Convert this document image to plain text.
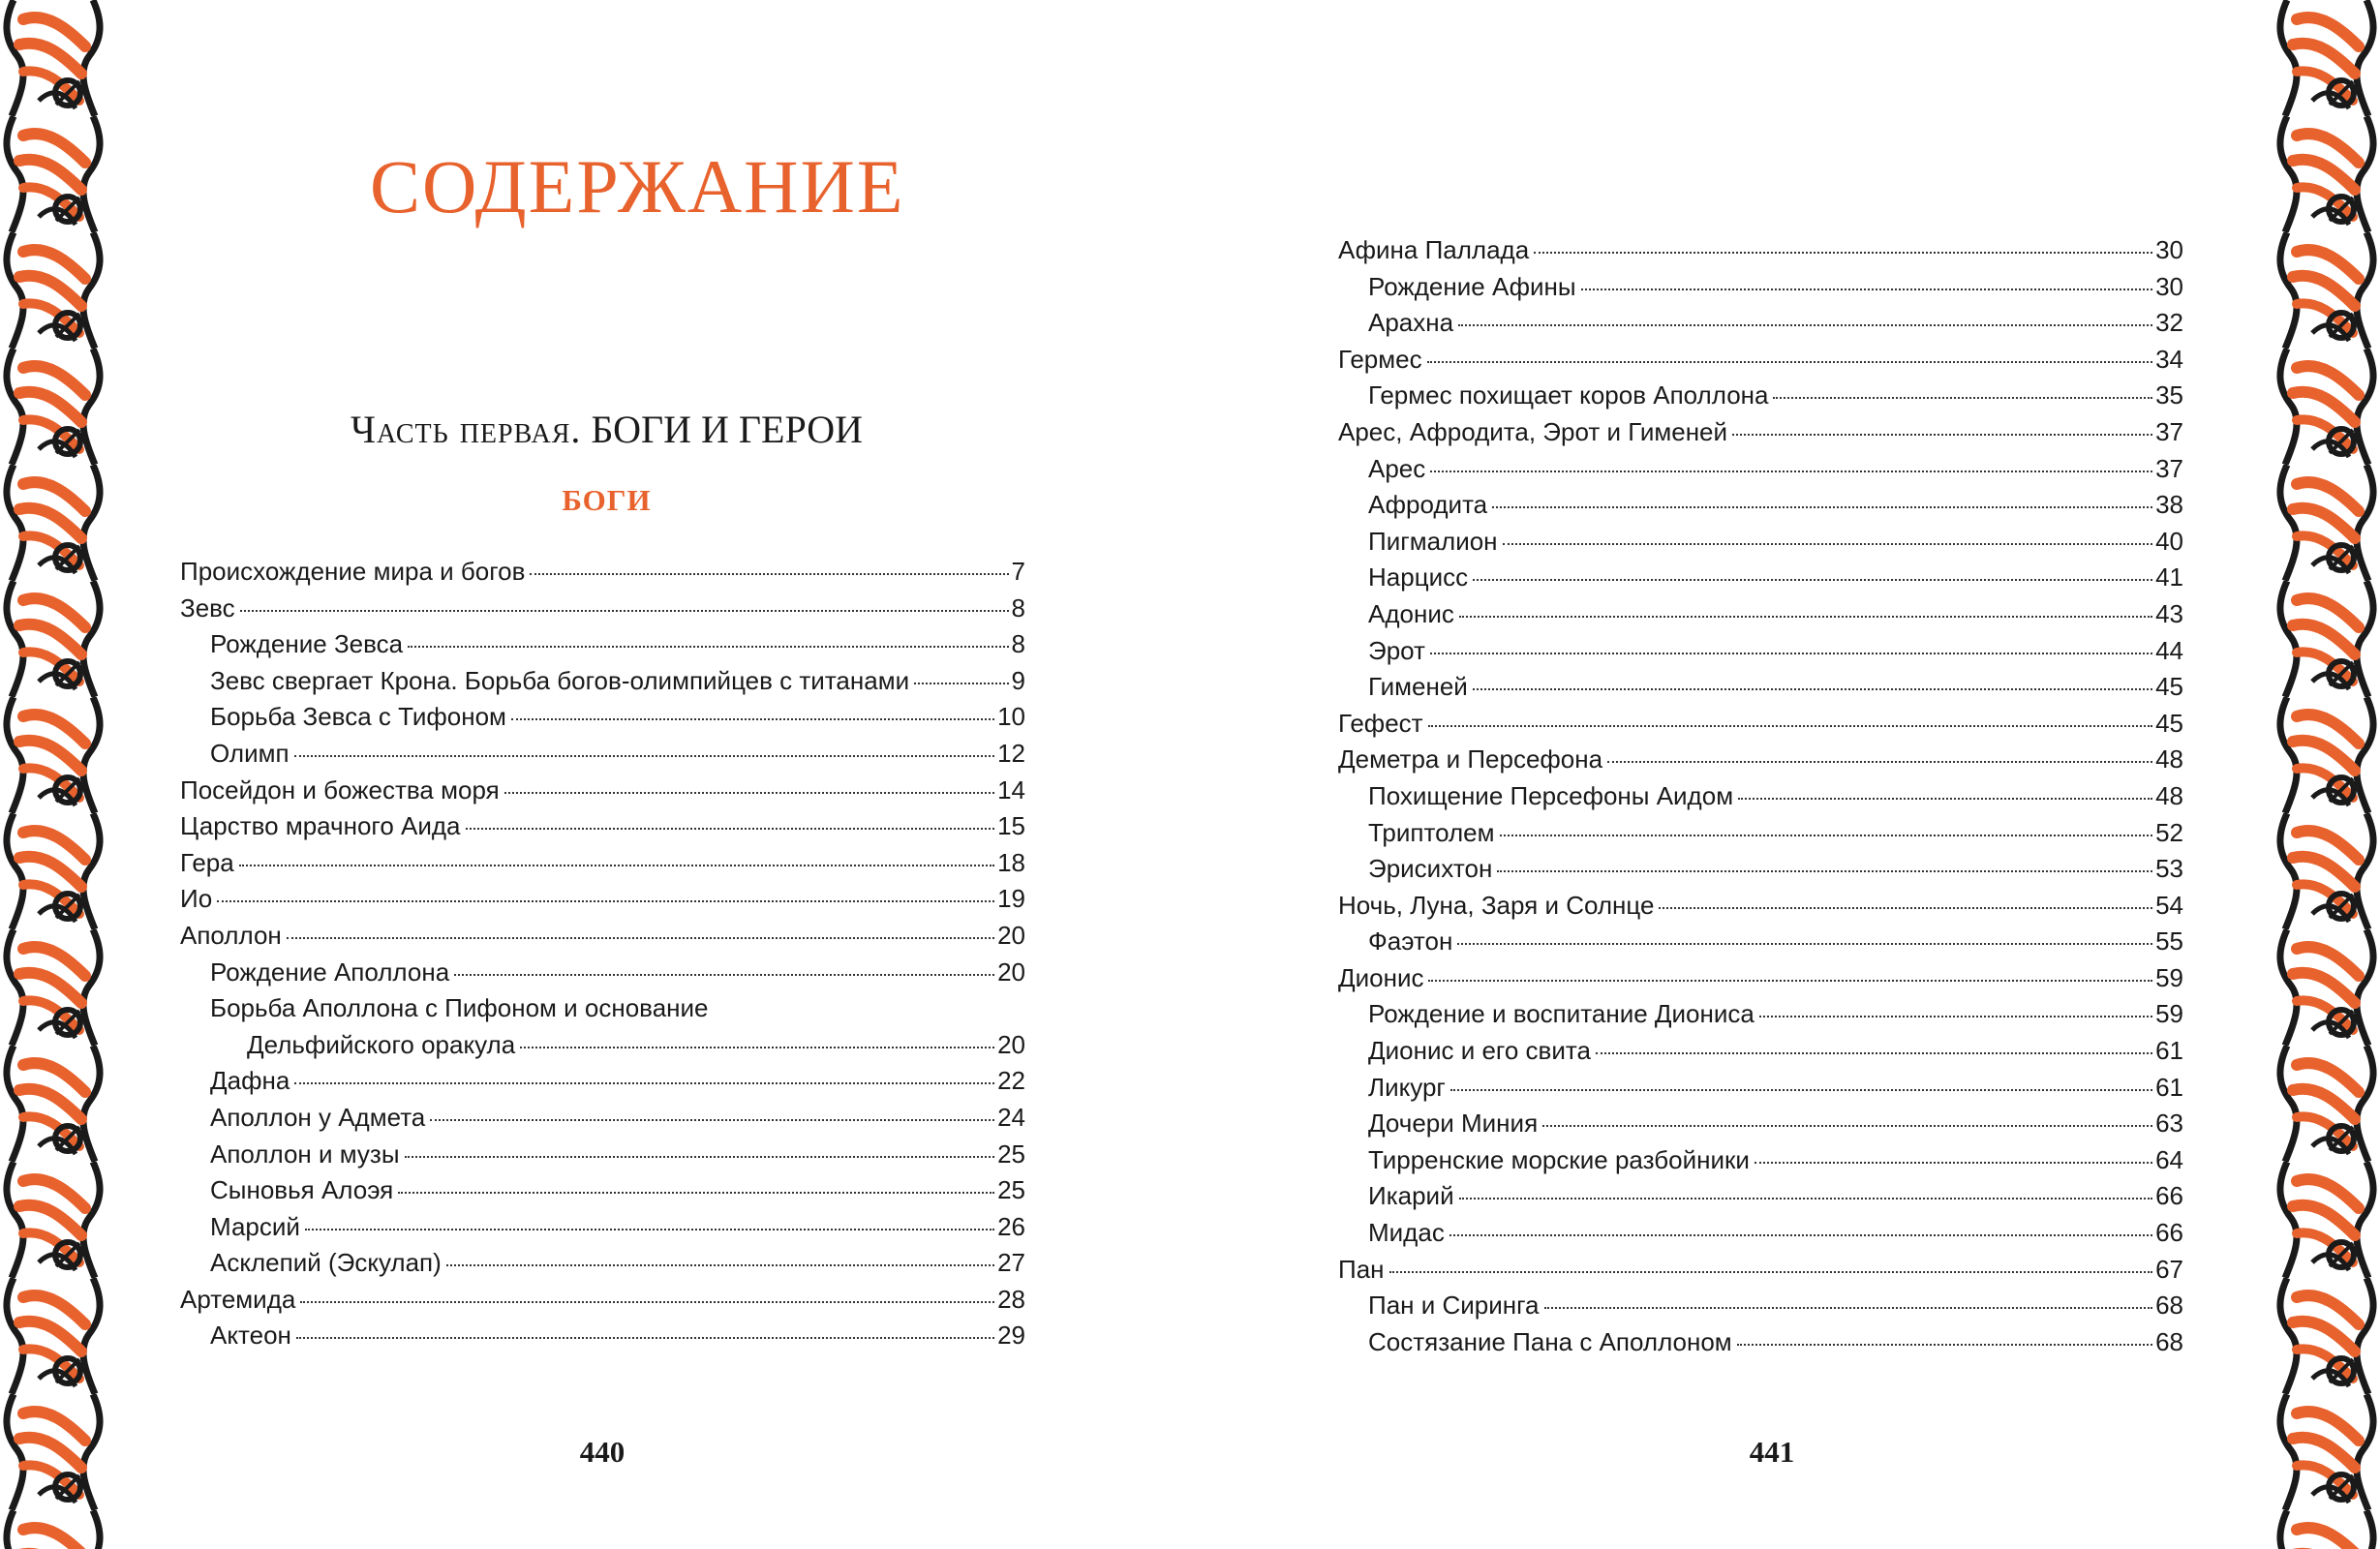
СОДЕРЖАНИЕ
Часть первая. БОГИ И ГЕРОИ
БОГИ
Происхождение мира и богов	7
Зевс	8
Рождение Зевса	8
Зевс свергает Крона. Борьба богов-олимпийцев с титанами	9
Борьба Зевса с Тифоном	10
Олимп	12
Посейдон и божества моря	14
Царство мрачного Аида	15
Гера	18
Ио	19
Аполлон	20
Рождение Аполлона	20
Борьба Аполлона с Пифоном и основание
Дельфийского оракула	20
Дафна	22
Аполлон у Адмета	24
Аполлон и музы	25
Сыновья Алоэя	25
Марсий	26
Асклепий (Эскулап)	27
Артемида	28
Актеон	29
440
Афина Паллада	30
Рождение Афины	30
Арахна	32
Гермес	34
Гермес похищает коров Аполлона	35
Арес, Афродита, Эрот и Гименей	37
Арес	37
Афродита	38
Пигмалион	40
Нарцисс	41
Адонис	43
Эрот	44
Гименей	45
Гефест	45
Деметра и Персефона	48
Похищение Персефоны Аидом	48
Триптолем	52
Эрисихтон	53
Ночь, Луна, Заря и Солнце	54
Фаэтон	55
Дионис	59
Рождение и воспитание Диониса	59
Дионис и его свита	61
Ликург	61
Дочери Миния	63
Тирренские морские разбойники	64
Икарий	66
Мидас	66
Пан	67
Пан и Сиринга	68
Состязание Пана с Аполлоном	68
441
